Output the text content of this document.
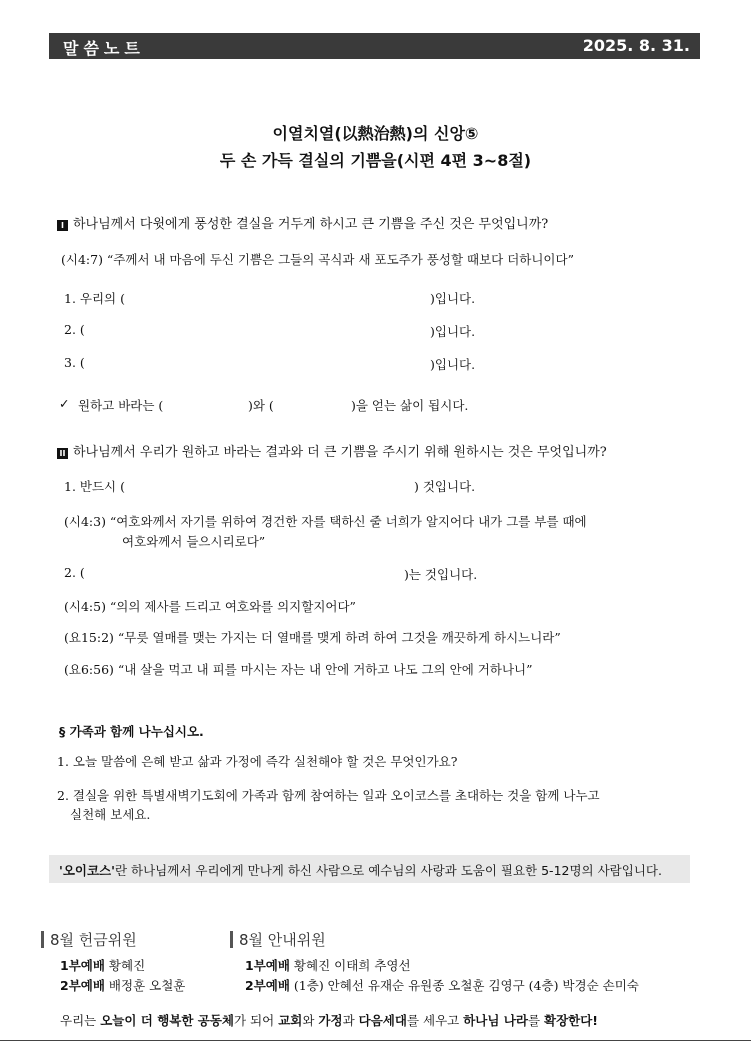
말씀노트	2025. 8. 31.
이열치열(以熱治熱)의 신앙⑤
두 손 가득 결실의 기쁨을(시편 4편 3~8절)
I 하나님께서 다윗에게 풍성한 결실을 거두게 하시고 큰 기쁨을 주신 것은 무엇입니까?
(시4:7) “주께서 내 마음에 두신 기쁨은 그들의 곡식과 새 포도주가 풍성할 때보다 더하니이다”
1. 우리의 (	)입니다.
2. (	)입니다.
3. (	)입니다.
✓ 원하고 바라는 (	)와 (	)을 얻는 삶이 됩시다.
II 하나님께서 우리가 원하고 바라는 결과와 더 큰 기쁨을 주시기 위해 원하시는 것은 무엇입니까?
1. 반드시 (	) 것입니다.
(시4:3) “여호와께서 자기를 위하여 경건한 자를 택하신 줄 너희가 알지어다 내가 그를 부를 때에
여호와께서 들으시리로다”
2. (	)는 것입니다.
(시4:5) “의의 제사를 드리고 여호와를 의지할지어다”
(요15:2) “무릇 열매를 맺는 가지는 더 열매를 맺게 하려 하여 그것을 깨끗하게 하시느니라”
(요6:56) “내 살을 먹고 내 피를 마시는 자는 내 안에 거하고 나도 그의 안에 거하나니”
§ 가족과 함께 나누십시오.
1. 오늘 말씀에 은혜 받고 삶과 가정에 즉각 실천해야 할 것은 무엇인가요?
2. 결실을 위한 특별새벽기도회에 가족과 함께 참여하는 일과 오이코스를 초대하는 것을 함께 나누고
실천해 보세요.
'오이코스'란 하나님께서 우리에게 만나게 하신 사람으로 예수님의 사랑과 도움이 필요한 5-12명의 사람입니다.
8월 헌금위원
1부예배 황혜진
2부예배 배정훈 오철훈
8월 안내위원
1부예배 황혜진 이태희 추영선
2부예배 (1층) 안혜선 유재순 유원종 오철훈 김영구 (4층) 박경순 손미숙
우리는 오늘이 더 행복한 공동체가 되어 교회와 가정과 다음세대를 세우고 하나님 나라를 확장한다!
